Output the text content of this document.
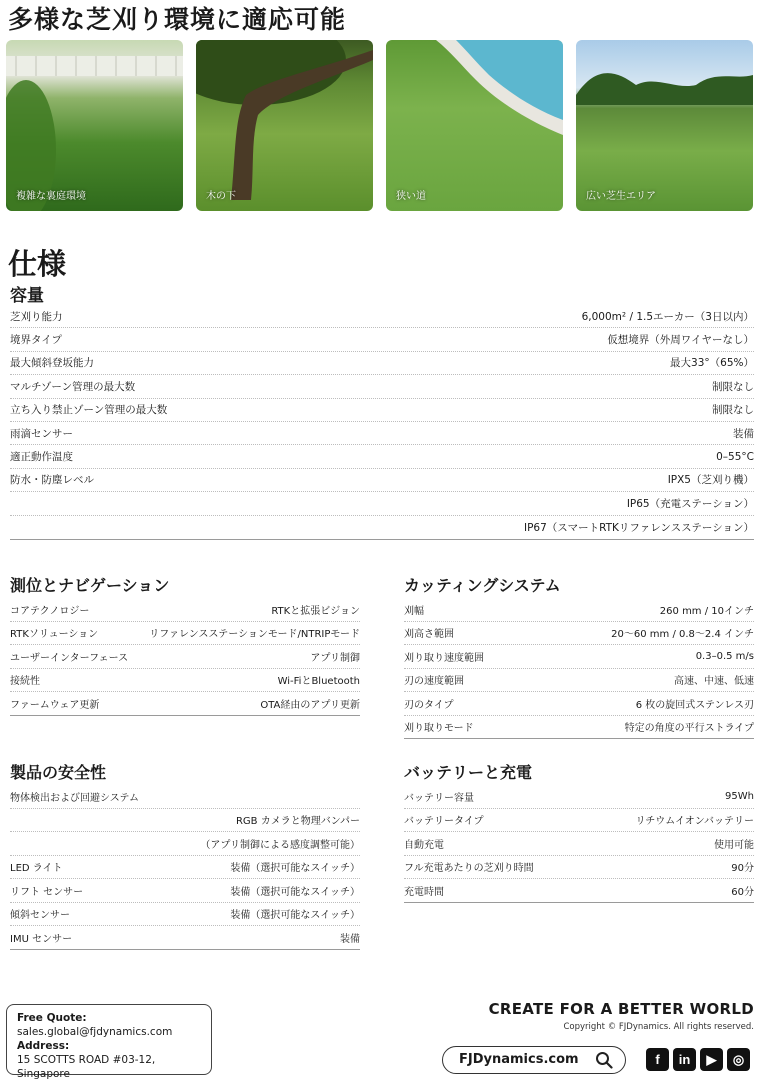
多様な芝刈り環境に適応可能
複雑な裏庭環境	木の下	狭い道	広い芝生エリア
仕様
容量
芝刈り能力	6,000m² / 1.5エーカー（3日以内）
境界タイプ	仮想境界（外周ワイヤーなし）
最大傾斜登坂能力	最大33°（65%）
マルチゾーン管理の最大数	制限なし
立ち入り禁止ゾーン管理の最大数	制限なし
雨滴センサー	装備
適正動作温度	0–55°C
防水・防塵レベル	IPX5（芝刈り機）
IP65（充電ステーション）
IP67（スマートRTKリファレンスステーション）
測位とナビゲーション
コアテクノロジー	RTKと拡張ビジョン
RTKソリューション	リファレンスステーションモード/NTRIPモード
ユーザーインターフェース	アプリ制御
接続性	Wi-FiとBluetooth
ファームウェア更新	OTA経由のアプリ更新
カッティングシステム
刈幅	260 mm / 10インチ
刈高さ範囲	20〜60 mm / 0.8〜2.4 インチ
刈り取り速度範囲	0.3–0.5 m/s
刃の速度範囲	高速、中速、低速
刃のタイプ	6 枚の旋回式ステンレス刃
刈り取りモード	特定の角度の平行ストライプ
製品の安全性
物体検出および回避システム
RGB カメラと物理バンパー
（アプリ制御による感度調整可能）
LED ライト	装備（選択可能なスイッチ）
リフト センサー	装備（選択可能なスイッチ）
傾斜センサー	装備（選択可能なスイッチ）
IMU センサー	装備
バッテリーと充電
バッテリー容量	95Wh
バッテリータイプ	リチウムイオンバッテリー
自動充電	使用可能
フル充電あたりの芝刈り時間	90分
充電時間	60分
Free Quote:
sales.global@fjdynamics.com
Address:
15 SCOTTS ROAD #03-12, Singapore
CREATE FOR A BETTER WORLD
Copyright © FJDynamics. All rights reserved.
FJDynamics.com	f	in	▶	◎
